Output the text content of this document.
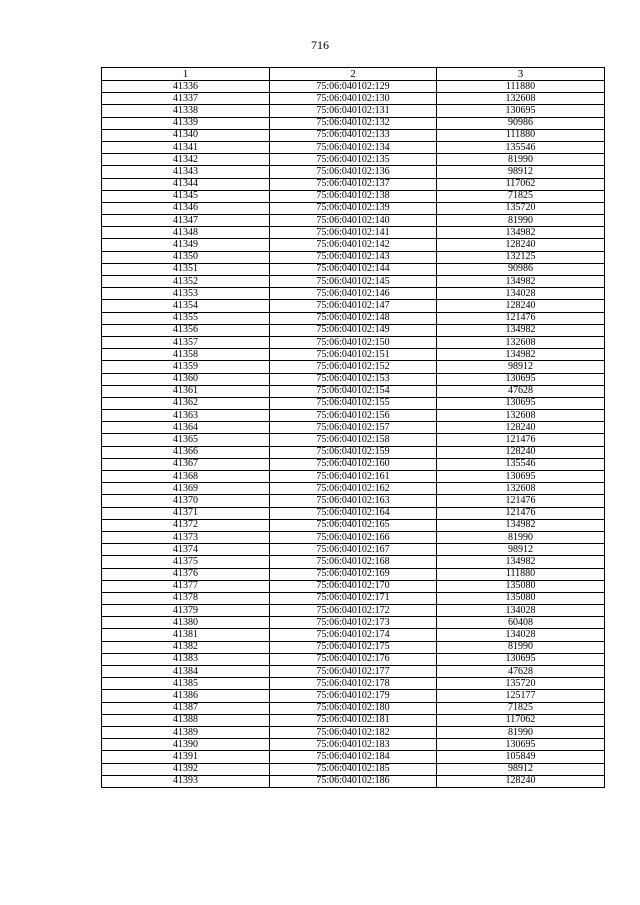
716
1	2	3
41336	75:06:040102:129	111880
41337	75:06:040102:130	132608
41338	75:06:040102:131	130695
41339	75:06:040102:132	90986
41340	75:06:040102:133	111880
41341	75:06:040102:134	135546
41342	75:06:040102:135	81990
41343	75:06:040102:136	98912
41344	75:06:040102:137	117062
41345	75:06:040102:138	71825
41346	75:06:040102:139	135720
41347	75:06:040102:140	81990
41348	75:06:040102:141	134982
41349	75:06:040102:142	128240
41350	75:06:040102:143	132125
41351	75:06:040102:144	90986
41352	75:06:040102:145	134982
41353	75:06:040102:146	134028
41354	75:06:040102:147	128240
41355	75:06:040102:148	121476
41356	75:06:040102:149	134982
41357	75:06:040102:150	132608
41358	75:06:040102:151	134982
41359	75:06:040102:152	98912
41360	75:06:040102:153	130695
41361	75:06:040102:154	47628
41362	75:06:040102:155	130695
41363	75:06:040102:156	132608
41364	75:06:040102:157	128240
41365	75:06:040102:158	121476
41366	75:06:040102:159	128240
41367	75:06:040102:160	135546
41368	75:06:040102:161	130695
41369	75:06:040102:162	132608
41370	75:06:040102:163	121476
41371	75:06:040102:164	121476
41372	75:06:040102:165	134982
41373	75:06:040102:166	81990
41374	75:06:040102:167	98912
41375	75:06:040102:168	134982
41376	75:06:040102:169	111880
41377	75:06:040102:170	135080
41378	75:06:040102:171	135080
41379	75:06:040102:172	134028
41380	75:06:040102:173	60408
41381	75:06:040102:174	134028
41382	75:06:040102:175	81990
41383	75:06:040102:176	130695
41384	75:06:040102:177	47628
41385	75:06:040102:178	135720
41386	75:06:040102:179	125177
41387	75:06:040102:180	71825
41388	75:06:040102:181	117062
41389	75:06:040102:182	81990
41390	75:06:040102:183	130695
41391	75:06:040102:184	105849
41392	75:06:040102:185	98912
41393	75:06:040102:186	128240
